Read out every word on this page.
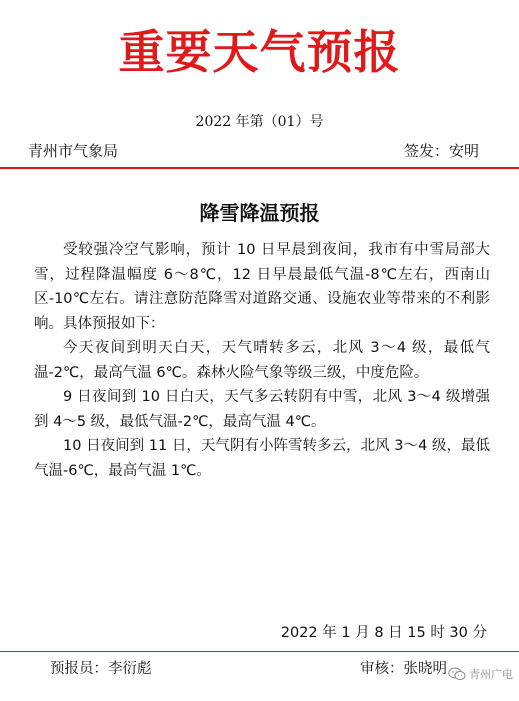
重要天气预报
2022 年第（01）号
青州市气象局	签发：安明
降雪降温预报

受较强冷空气影响，预计 10 日早晨到夜间，我市有中雪局部大雪，过程降温幅度 6～8℃，12 日早晨最低气温-8℃左右，西南山区-10℃左右。请注意防范降雪对道路交通、设施农业等带来的不利影响。具体预报如下：

今天夜间到明天白天，天气晴转多云，北风 3～4 级，最低气温-2℃，最高气温 6℃。森林火险气象等级三级，中度危险。

9 日夜间到 10 日白天，天气多云转阴有中雪，北风 3～4 级增强到 4～5 级，最低气温-2℃，最高气温 4℃。

10 日夜间到 11 日，天气阴有小阵雪转多云，北风 3～4 级，最低气温-6℃，最高气温 1℃。

2022 年 1 月 8 日 15 时 30 分
预报员：李衍彪	审核：张晓明 青州广电
